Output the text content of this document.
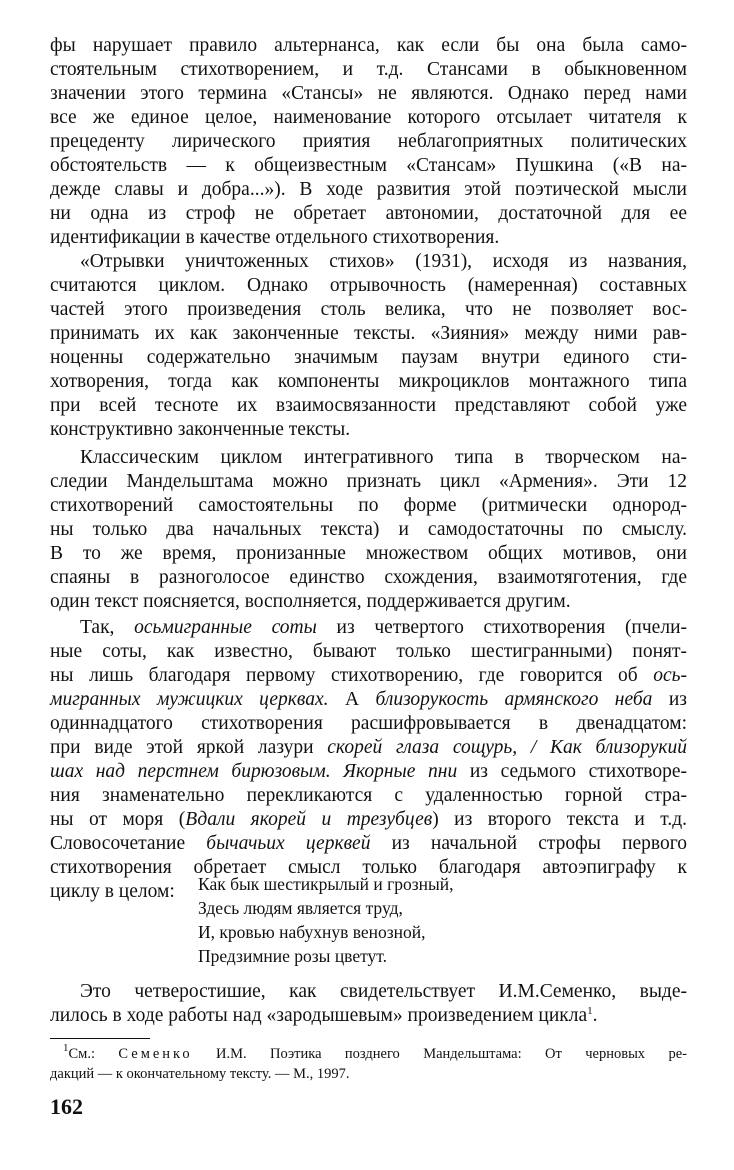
фы нарушает правило альтернанса, как если бы она была само-
стоятельным стихотворением, и т.д. Стансами в обыкновенном
значении этого термина «Стансы» не являются. Однако перед нами
все же единое целое, наименование которого отсылает читателя к
прецеденту лирического приятия неблагоприятных политических
обстоятельств — к общеизвестным «Стансам» Пушкина («В на-
дежде славы и добра...»). В ходе развития этой поэтической мысли
ни одна из строф не обретает автономии, достаточной для ее
идентификации в качестве отдельного стихотворения.
«Отрывки уничтоженных стихов» (1931), исходя из названия,
считаются циклом. Однако отрывочность (намеренная) составных
частей этого произведения столь велика, что не позволяет вос-
принимать их как законченные тексты. «Зияния» между ними рав-
ноценны содержательно значимым паузам внутри единого сти-
хотворения, тогда как компоненты микроциклов монтажного типа
при всей тесноте их взаимосвязанности представляют собой уже
конструктивно законченные тексты.
Классическим циклом интегративного типа в творческом на-
следии Мандельштама можно признать цикл «Армения». Эти 12
стихотворений самостоятельны по форме (ритмически однород-
ны только два начальных текста) и самодостаточны по смыслу.
В то же время, пронизанные множеством общих мотивов, они
спаяны в разноголосое единство схождения, взаимотяготения, где
один текст поясняется, восполняется, поддерживается другим.
Так, осьмигранные соты из четвертого стихотворения (пчели-
ные соты, как известно, бывают только шестигранными) понят-
ны лишь благодаря первому стихотворению, где говорится об ось-
мигранных мужицких церквах. А близорукость армянского неба из
одиннадцатого стихотворения расшифровывается в двенадцатом:
при виде этой яркой лазури скорей глаза сощурь, / Как близорукий
шах над перстнем бирюзовым. Якорные пни из седьмого стихотворе-
ния знаменательно перекликаются с удаленностью горной стра-
ны от моря (Вдали якорей и трезубцев) из второго текста и т.д.
Словосочетание бычачьих церквей из начальной строфы первого
стихотворения обретает смысл только благодаря автоэпиграфу к
циклу в целом:	Как бык шестикрылый и грозный,
Здесь людям является труд,
И, кровью набухнув венозной,
Предзимние розы цветут.
Это четверостишие, как свидетельствует И.М.Семенко, выде-
лилось в ходе работы над «зародышевым» произведением цикла$^1$.
$^1$См.: Семенко И.М. Поэтика позднего Мандельштама: От черновых ре-
дакций — к окончательному тексту. — М., 1997.
162
